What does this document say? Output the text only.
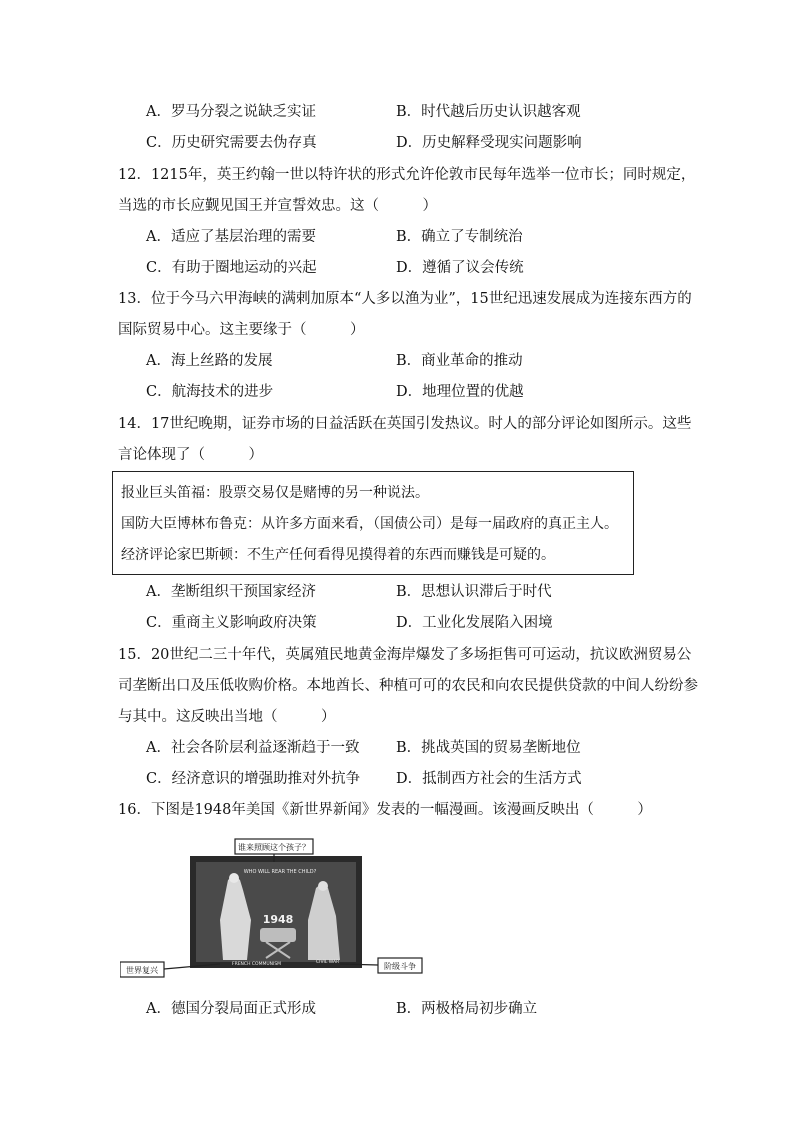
A．罗马分裂之说缺乏实证	B．时代越后历史认识越客观
C．历史研究需要去伪存真	D．历史解释受现实问题影响
12．1215年，英王约翰一世以特许状的形式允许伦敦市民每年选举一位市长；同时规定，
当选的市长应觐见国王并宣誓效忠。这（　　　）
A．适应了基层治理的需要	B．确立了专制统治
C．有助于圈地运动的兴起	D．遵循了议会传统
13．位于今马六甲海峡的满剌加原本“人多以渔为业”，15世纪迅速发展成为连接东西方的
国际贸易中心。这主要缘于（　　　）
A．海上丝路的发展	B．商业革命的推动
C．航海技术的进步	D．地理位置的优越
14．17世纪晚期，证券市场的日益活跃在英国引发热议。时人的部分评论如图所示。这些
言论体现了（　　　）
报业巨头笛福：股票交易仅是赌博的另一种说法。
国防大臣博林布鲁克：从许多方面来看，（国债公司）是每一届政府的真正主人。
经济评论家巴斯顿：不生产任何看得见摸得着的东西而赚钱是可疑的。
A．垄断组织干预国家经济	B．思想认识滞后于时代
C．重商主义影响政府决策	D．工业化发展陷入困境
15．20世纪二三十年代，英属殖民地黄金海岸爆发了多场拒售可可运动，抗议欧洲贸易公
司垄断出口及压低收购价格。本地酋长、种植可可的农民和向农民提供贷款的中间人纷纷参
与其中。这反映出当地（　　　）
A．社会各阶层利益逐渐趋于一致	B．挑战英国的贸易垄断地位
C．经济意识的增强助推对外抗争 D．抵制西方社会的生活方式
16．下图是1948年美国《新世界新闻》发表的一幅漫画。该漫画反映出（　　　）
谁来照顾这个孩子？
WHO WILL REAR THE CHILD?
1948
FRENCH COMMUNISM	CIVIL WAR
世界复兴	阶级斗争
A．德国分裂局面正式形成	B．两极格局初步确立
